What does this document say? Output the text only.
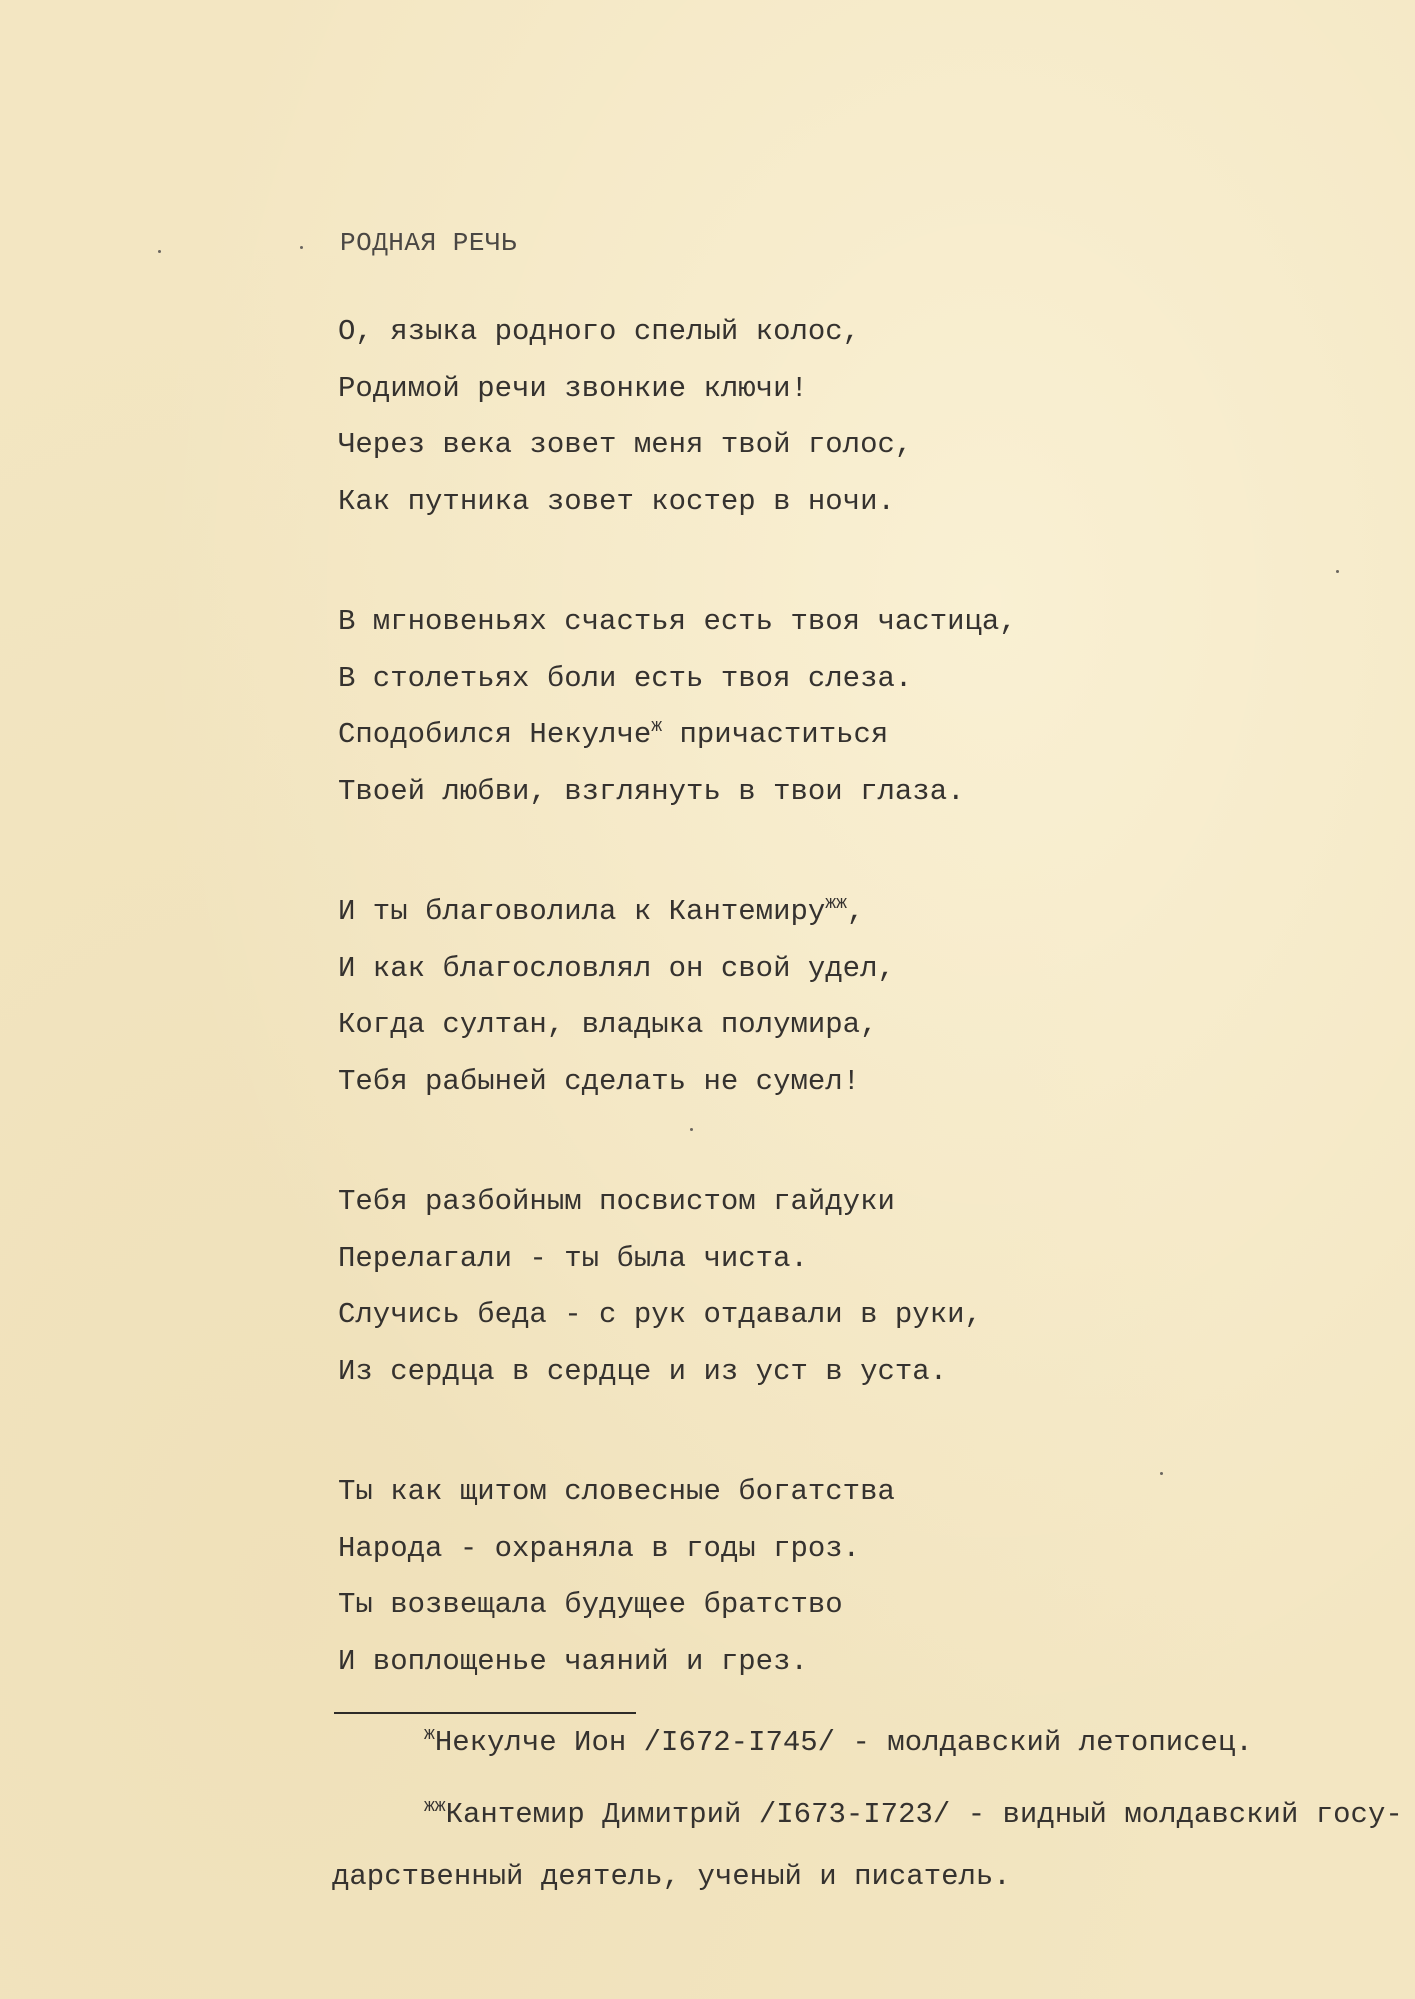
РОДНАЯ РЕЧЬ
О, языка родного спелый колос,
Родимой речи звонкие ключи!
Через века зовет меня твой голос,
Как путника зовет костер в ночи.
В мгновеньях счастья есть твоя частица,
В столетьях боли есть твоя слеза.
Сподобился Некулче$^ж$ причаститься
Твоей любви, взглянуть в твои глаза.
И ты благоволила к Кантемиру$^{жж}$,
И как благословлял он свой удел,
Когда султан, владыка полумира,
Тебя рабыней сделать не сумел!
Тебя разбойным посвистом гайдуки
Перелагали - ты была чиста.
Случись беда - с рук отдавали в руки,
Из сердца в сердце и из уст в уста.
Ты как щитом словесные богатства
Народа - охраняла в годы гроз.
Ты возвещала будущее братство
И воплощенье чаяний и грез.
$^ж$Некулче Ион /I672-I745/ - молдавский летописец.
$^{жж}$Кантемир Димитрий /I673-I723/ - видный молдавский госу-
дарственный деятель, ученый и писатель.
